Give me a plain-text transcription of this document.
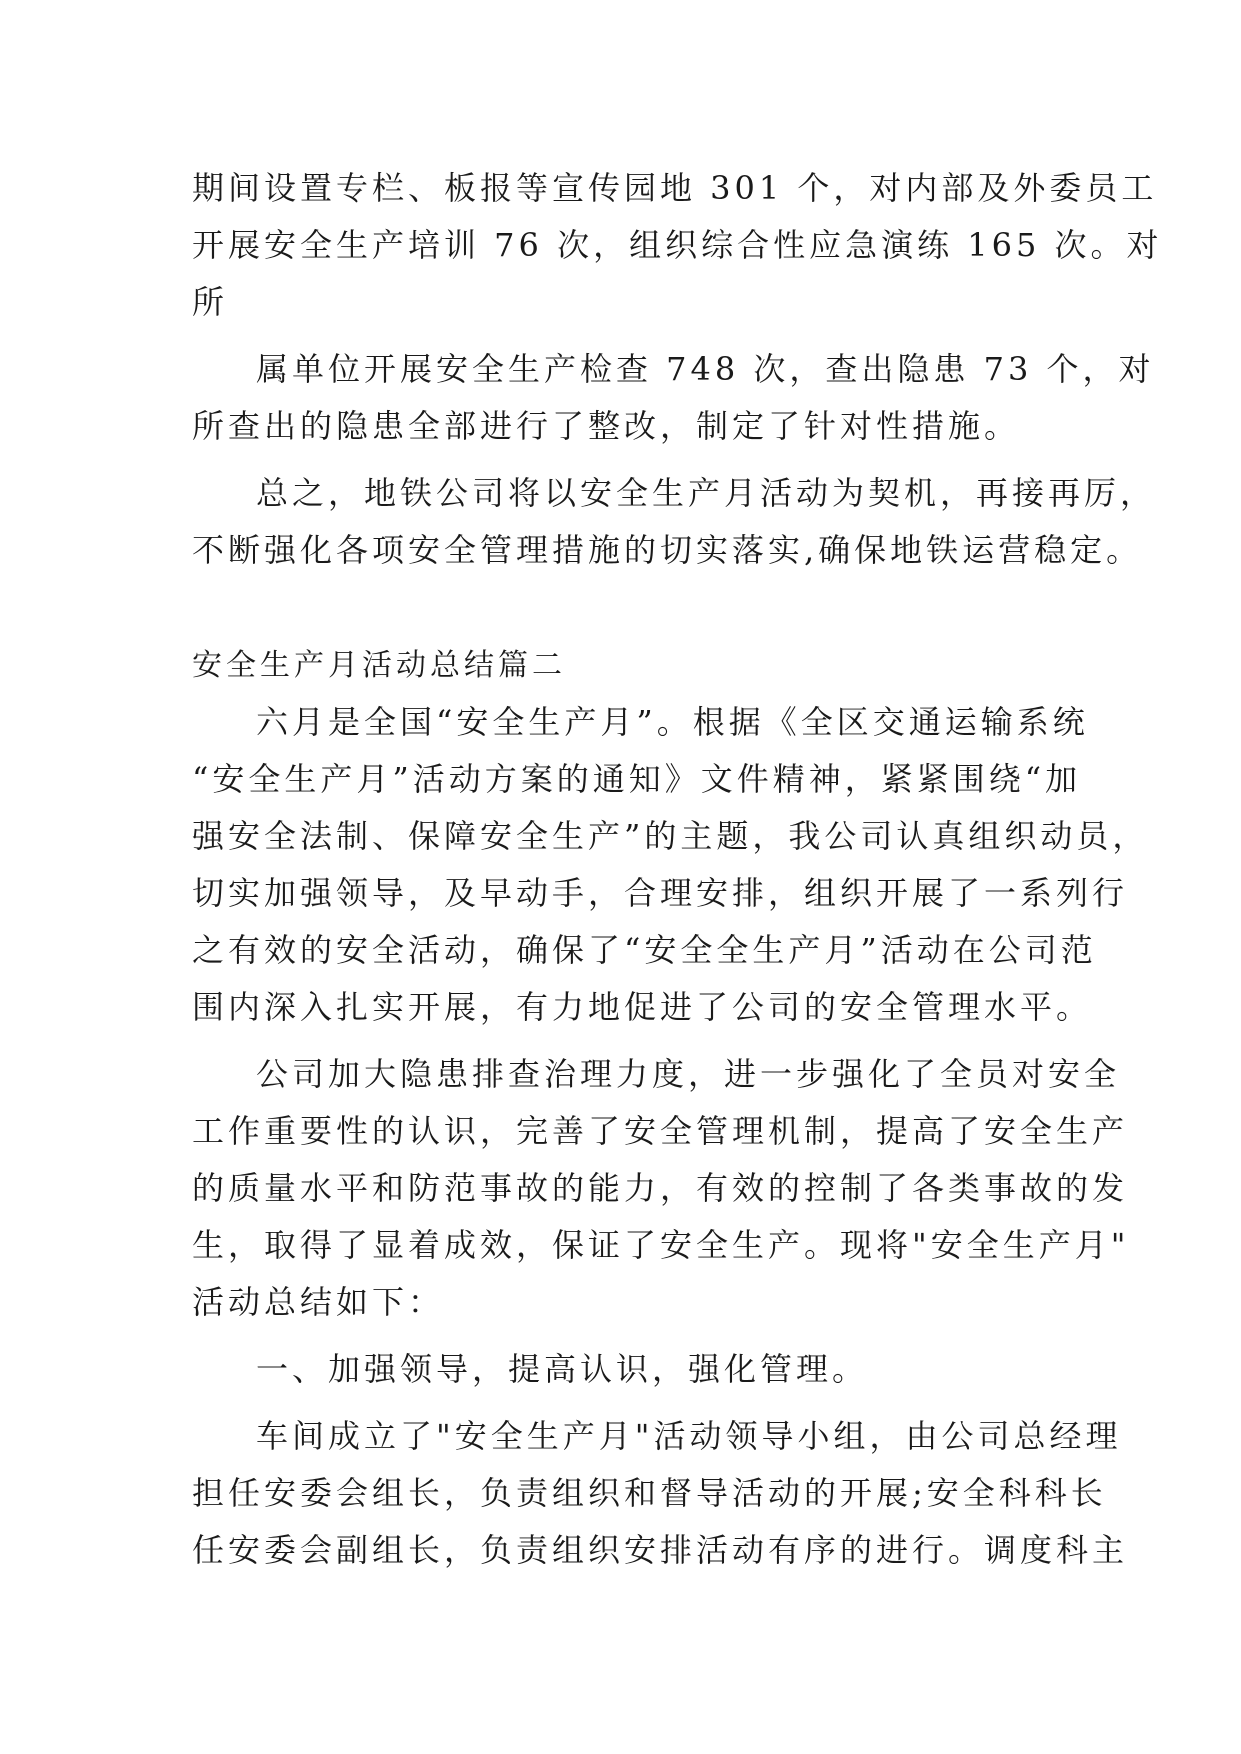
期间设置专栏、板报等宣传园地 301 个，对内部及外委员工
开展安全生产培训 76 次，组织综合性应急演练 165 次。对
所
属单位开展安全生产检查 748 次，查出隐患 73 个，对
所查出的隐患全部进行了整改，制定了针对性措施。
总之，地铁公司将以安全生产月活动为契机，再接再厉，
不断强化各项安全管理措施的切实落实,确保地铁运营稳定。
安全生产月活动总结篇二
六月是全国“安全生产月”。根据《全区交通运输系统
“安全生产月”活动方案的通知》文件精神，紧紧围绕“加
强安全法制、保障安全生产”的主题，我公司认真组织动员，
切实加强领导，及早动手，合理安排，组织开展了一系列行
之有效的安全活动，确保了“安全全生产月”活动在公司范
围内深入扎实开展，有力地促进了公司的安全管理水平。
公司加大隐患排查治理力度，进一步强化了全员对安全
工作重要性的认识，完善了安全管理机制，提高了安全生产
的质量水平和防范事故的能力，有效的控制了各类事故的发
生，取得了显着成效，保证了安全生产。现将"安全生产月"
活动总结如下：
一、加强领导，提高认识，强化管理。
车间成立了"安全生产月"活动领导小组，由公司总经理
担任安委会组长，负责组织和督导活动的开展;安全科科长
任安委会副组长，负责组织安排活动有序的进行。调度科主
